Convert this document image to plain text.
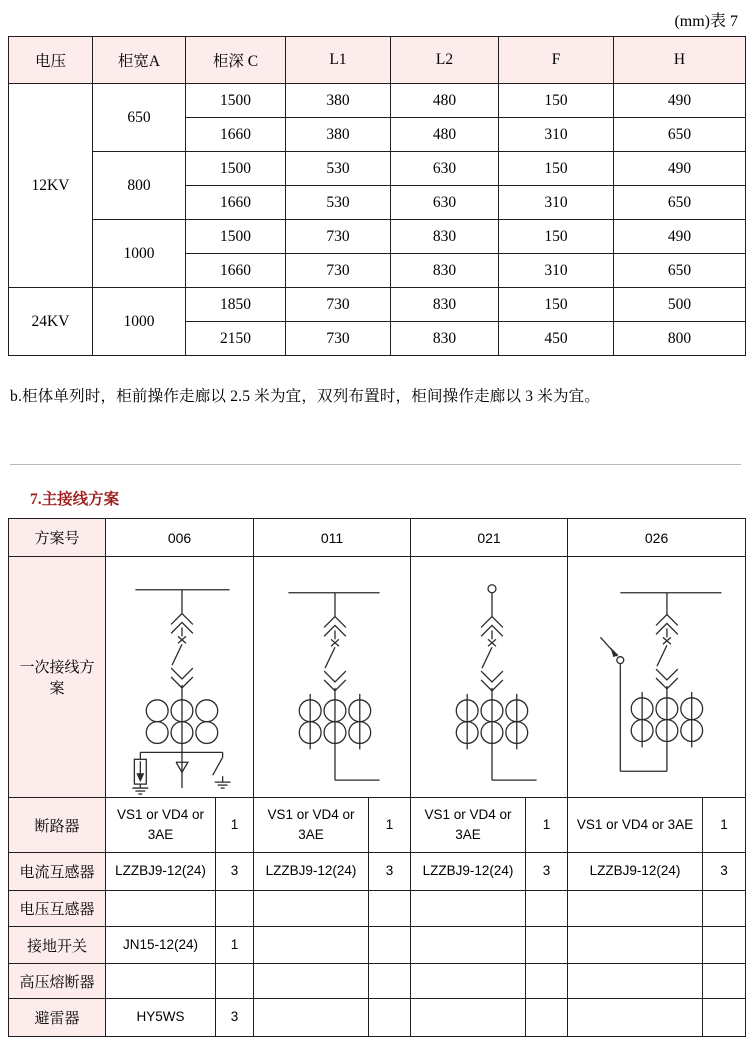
(mm)表 7
电压	柜宽A	柜深 C	L1	L2	F	H
12KV	650	1500	380	480	150	490
		1660	380	480	310	650
	800	1500	530	630	150	490
		1660	530	630	310	650
	1000	1500	730	830	150	490
		1660	730	830	310	650
24KV	1000	1850	730	830	150	500
		2150	730	830	450	800
b.柜体单列时，柜前操作走廊以 2.5 米为宜，双列布置时，柜间操作走廊以 3 米为宜。
7.主接线方案
方案号	006		011		021		026	
一次接线方案	

断路器	VS1 or VD4 or 3AE	1	VS1 or VD4 or 3AE	1	VS1 or VD4 or 3AE	1	VS1 or VD4 or 3AE	1
电流互感器	LZZBJ9-12(24)	3	LZZBJ9-12(24)	3	LZZBJ9-12(24)	3	LZZBJ9-12(24)	3
电压互感器								
接地开关	JN15-12(24)	1						
高压熔断器								
避雷器	HY5WS	3						
